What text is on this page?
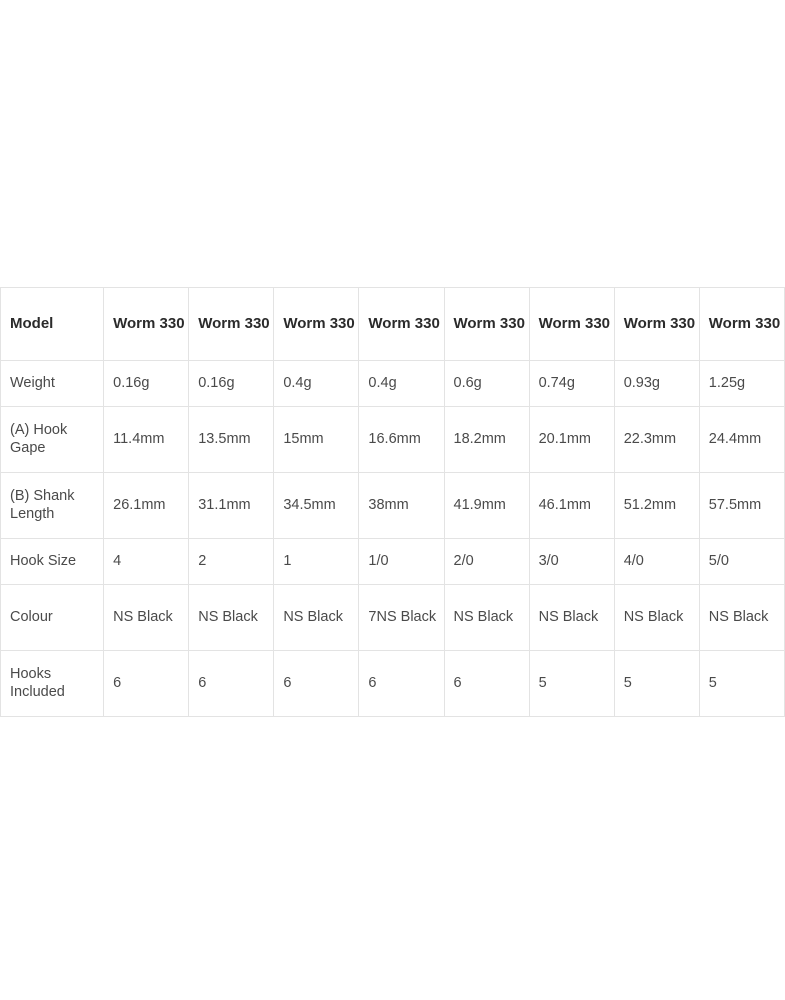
Model	Worm 330	Worm 330	Worm 330	Worm 330	Worm 330	Worm 330	Worm 330	Worm 330
Weight	0.16g	0.16g	0.4g	0.4g	0.6g	0.74g	0.93g	1.25g
(A) Hook Gape	11.4mm	13.5mm	15mm	16.6mm	18.2mm	20.1mm	22.3mm	24.4mm
(B) Shank Length	26.1mm	31.1mm	34.5mm	38mm	41.9mm	46.1mm	51.2mm	57.5mm
Hook Size	4	2	1	1/0	2/0	3/0	4/0	5/0
Colour	NS Black	NS Black	NS Black	7NS Black	NS Black	NS Black	NS Black	NS Black
Hooks Included	6	6	6	6	6	5	5	5
